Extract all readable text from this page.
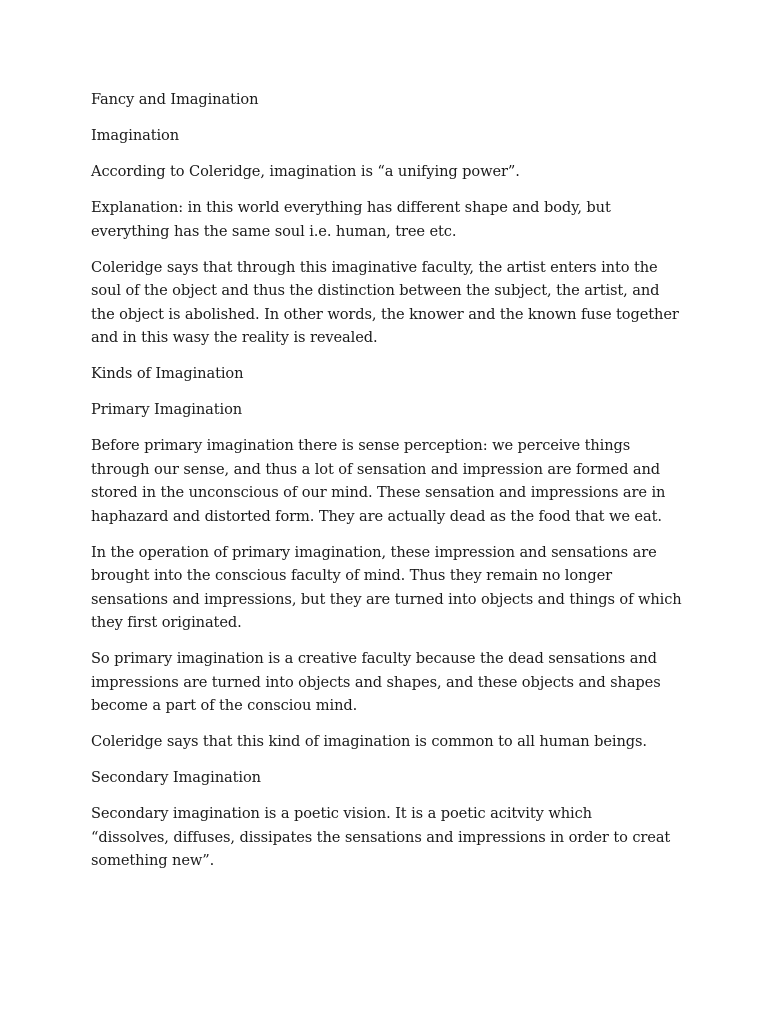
Fancy and Imagination

Imagination

According to Coleridge, imagination is “a unifying power”.

Explanation: in this world everything has different shape and body, but
everything has the same soul i.e. human, tree etc.

Coleridge says that through this imaginative faculty, the artist enters into the
soul of the object and thus the distinction between the subject, the artist, and
the object is abolished. In other words, the knower and the known fuse together
and in this wasy the reality is revealed.

Kinds of Imagination

Primary Imagination

Before primary imagination there is sense perception: we perceive things
through our sense, and thus a lot of sensation and impression are formed and
stored in the unconscious of our mind. These sensation and impressions are in
haphazard and distorted form. They are actually dead as the food that we eat.

In the operation of primary imagination, these impression and sensations are
brought into the conscious faculty of mind. Thus they remain no longer
sensations and impressions, but they are turned into objects and things of which
they first originated.

So primary imagination is a creative faculty because the dead sensations and
impressions are turned into objects and shapes, and these objects and shapes
become a part of the consciou mind.

Coleridge says that this kind of imagination is common to all human beings.

Secondary Imagination

Secondary imagination is a poetic vision. It is a poetic acitvity which
“dissolves, diffuses, dissipates the sensations and impressions in order to creat
something new”.
